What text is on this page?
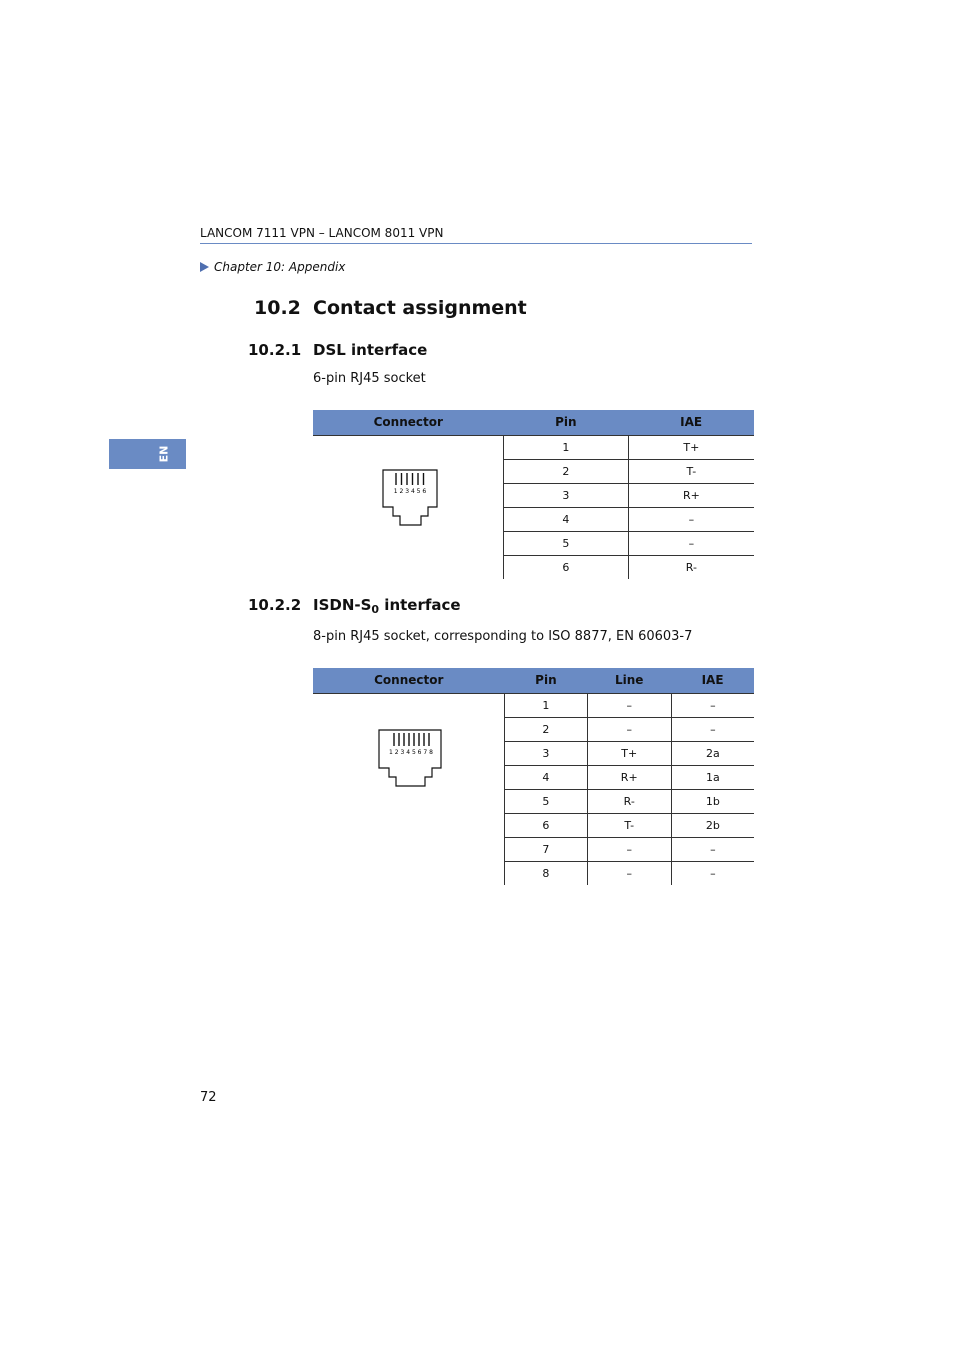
LANCOM 7111 VPN – LANCOM 8011 VPN
Chapter 10: Appendix
EN
10.2 Contact assignment
10.2.1 DSL interface
6-pin RJ45 socket
Connector	Pin	IAE

1 2 3 4 5 6	1	T+
	2	T-
	3	R+
	4	–
	5	–
	6	R-
10.2.2 ISDN-$S_0$ interface
8-pin RJ45 socket, corresponding to ISO 8877, EN 60603-7
Connector	Pin	Line	IAE

1 2 3 4 5 6 7 8	1	–	–
	2	–	–
	3	T+	2a
	4	R+	1a
	5	R-	1b
	6	T-	2b
	7	–	–
	8	–	–
72
